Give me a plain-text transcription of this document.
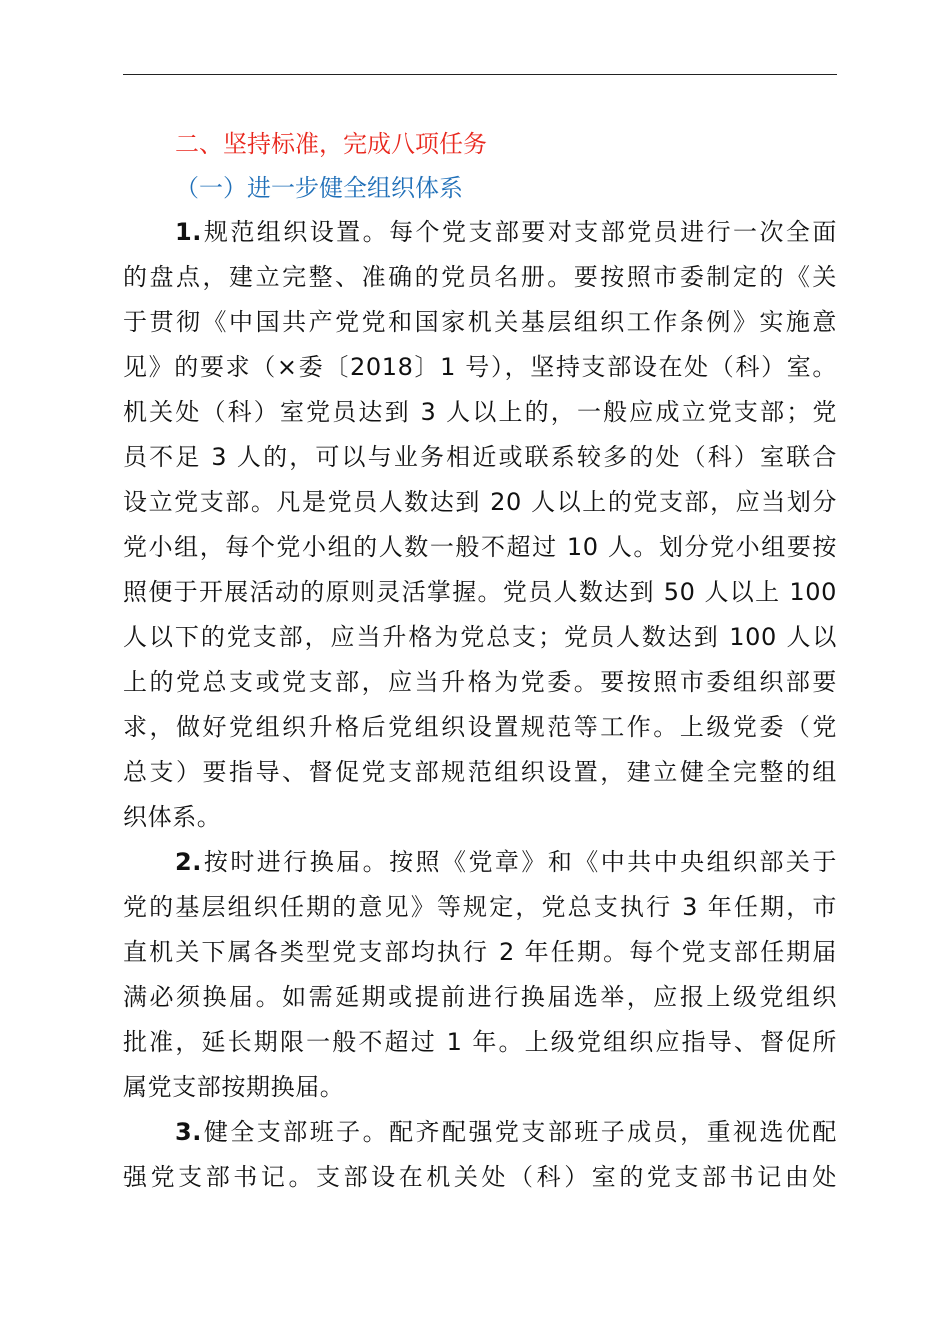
二、坚持标准，完成八项任务
（一）进一步健全组织体系
1.规范组织设置。每个党支部要对支部党员进行一次全面
的盘点，建立完整、准确的党员名册。要按照市委制定的《关
于贯彻《中国共产党党和国家机关基层组织工作条例》实施意
见》的要求（×委〔2018〕1 号），坚持支部设在处（科）室。
机关处（科）室党员达到 3 人以上的，一般应成立党支部；党
员不足 3 人的，可以与业务相近或联系较多的处（科）室联合
设立党支部。凡是党员人数达到 20 人以上的党支部，应当划分
党小组，每个党小组的人数一般不超过 10 人。划分党小组要按
照便于开展活动的原则灵活掌握。党员人数达到 50 人以上 100
人以下的党支部，应当升格为党总支；党员人数达到 100 人以
上的党总支或党支部，应当升格为党委。要按照市委组织部要
求，做好党组织升格后党组织设置规范等工作。上级党委（党
总支）要指导、督促党支部规范组织设置，建立健全完整的组
织体系。
2.按时进行换届。按照《党章》和《中共中央组织部关于
党的基层组织任期的意见》等规定，党总支执行 3 年任期，市
直机关下属各类型党支部均执行 2 年任期。每个党支部任期届
满必须换届。如需延期或提前进行换届选举，应报上级党组织
批准，延长期限一般不超过 1 年。上级党组织应指导、督促所
属党支部按期换届。
3.健全支部班子。配齐配强党支部班子成员，重视选优配
强党支部书记。支部设在机关处（科）室的党支部书记由处
